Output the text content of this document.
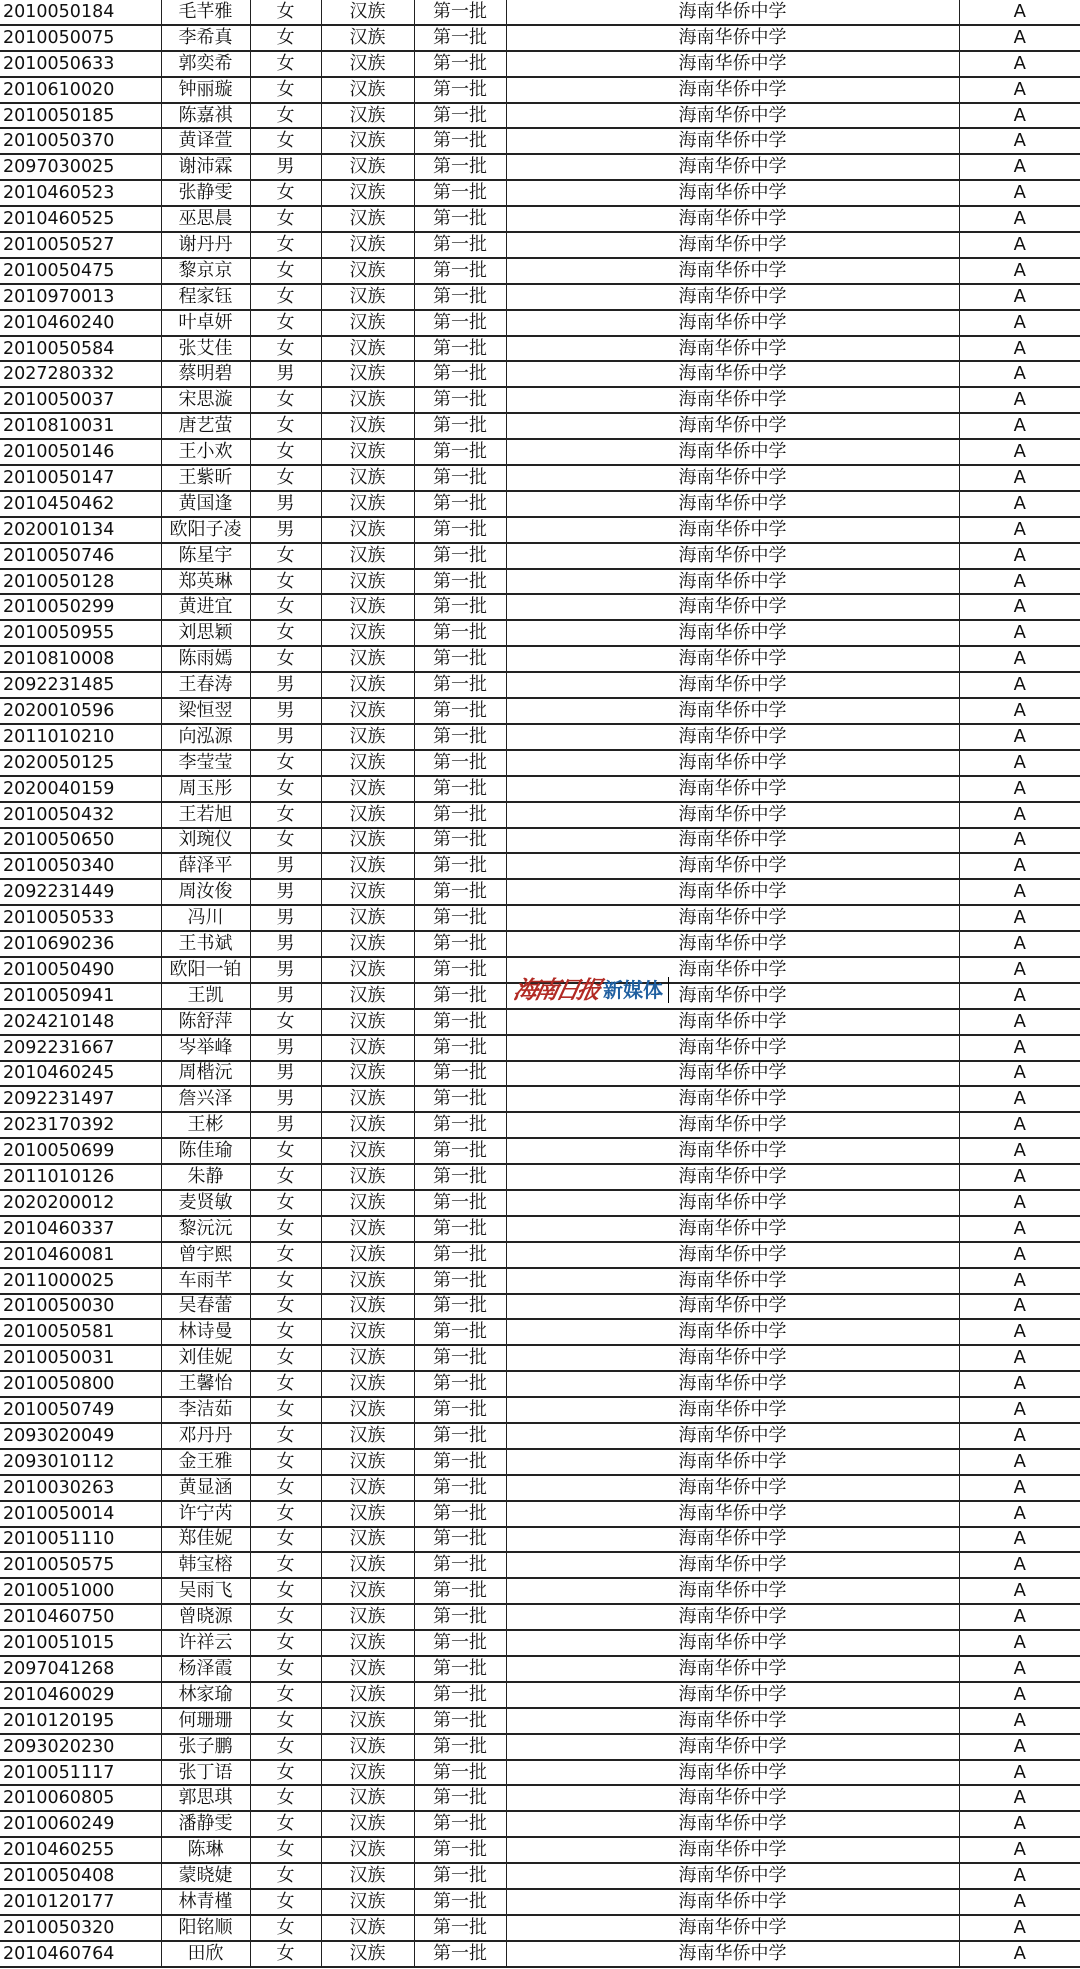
2010050184	毛芊雅	女	汉族	第一批	海南华侨中学	A
2010050075	李希真	女	汉族	第一批	海南华侨中学	A
2010050633	郭奕希	女	汉族	第一批	海南华侨中学	A
2010610020	钟丽璇	女	汉族	第一批	海南华侨中学	A
2010050185	陈嘉祺	女	汉族	第一批	海南华侨中学	A
2010050370	黄译萱	女	汉族	第一批	海南华侨中学	A
2097030025	谢沛霖	男	汉族	第一批	海南华侨中学	A
2010460523	张静雯	女	汉族	第一批	海南华侨中学	A
2010460525	巫思晨	女	汉族	第一批	海南华侨中学	A
2010050527	谢丹丹	女	汉族	第一批	海南华侨中学	A
2010050475	黎京京	女	汉族	第一批	海南华侨中学	A
2010970013	程家钰	女	汉族	第一批	海南华侨中学	A
2010460240	叶卓妍	女	汉族	第一批	海南华侨中学	A
2010050584	张艾佳	女	汉族	第一批	海南华侨中学	A
2027280332	蔡明碧	男	汉族	第一批	海南华侨中学	A
2010050037	宋思漩	女	汉族	第一批	海南华侨中学	A
2010810031	唐艺萤	女	汉族	第一批	海南华侨中学	A
2010050146	王小欢	女	汉族	第一批	海南华侨中学	A
2010050147	王紫昕	女	汉族	第一批	海南华侨中学	A
2010450462	黄国逢	男	汉族	第一批	海南华侨中学	A
2020010134	欧阳子凌	男	汉族	第一批	海南华侨中学	A
2010050746	陈星宇	女	汉族	第一批	海南华侨中学	A
2010050128	郑英琳	女	汉族	第一批	海南华侨中学	A
2010050299	黄进宜	女	汉族	第一批	海南华侨中学	A
2010050955	刘思颖	女	汉族	第一批	海南华侨中学	A
2010810008	陈雨嫣	女	汉族	第一批	海南华侨中学	A
2092231485	王春涛	男	汉族	第一批	海南华侨中学	A
2020010596	梁恒翌	男	汉族	第一批	海南华侨中学	A
2011010210	向泓源	男	汉族	第一批	海南华侨中学	A
2020050125	李莹莹	女	汉族	第一批	海南华侨中学	A
2020040159	周玉彤	女	汉族	第一批	海南华侨中学	A
2010050432	王若旭	女	汉族	第一批	海南华侨中学	A
2010050650	刘琬仪	女	汉族	第一批	海南华侨中学	A
2010050340	薛泽平	男	汉族	第一批	海南华侨中学	A
2092231449	周汝俊	男	汉族	第一批	海南华侨中学	A
2010050533	冯川	男	汉族	第一批	海南华侨中学	A
2010690236	王书斌	男	汉族	第一批	海南华侨中学	A
2010050490	欧阳一铂	男	汉族	第一批	海南华侨中学	A
2010050941	王凯	男	汉族	第一批	海南华侨中学	A
2024210148	陈舒萍	女	汉族	第一批	海南华侨中学	A
2092231667	岑举峰	男	汉族	第一批	海南华侨中学	A
2010460245	周楷沅	男	汉族	第一批	海南华侨中学	A
2092231497	詹兴泽	男	汉族	第一批	海南华侨中学	A
2023170392	王彬	男	汉族	第一批	海南华侨中学	A
2010050699	陈佳瑜	女	汉族	第一批	海南华侨中学	A
2011010126	朱静	女	汉族	第一批	海南华侨中学	A
2020200012	麦贤敏	女	汉族	第一批	海南华侨中学	A
2010460337	黎沅沅	女	汉族	第一批	海南华侨中学	A
2010460081	曾宇熙	女	汉族	第一批	海南华侨中学	A
2011000025	车雨芊	女	汉族	第一批	海南华侨中学	A
2010050030	吴春蕾	女	汉族	第一批	海南华侨中学	A
2010050581	林诗曼	女	汉族	第一批	海南华侨中学	A
2010050031	刘佳妮	女	汉族	第一批	海南华侨中学	A
2010050800	王馨怡	女	汉族	第一批	海南华侨中学	A
2010050749	李洁茹	女	汉族	第一批	海南华侨中学	A
2093020049	邓丹丹	女	汉族	第一批	海南华侨中学	A
2093010112	金王雅	女	汉族	第一批	海南华侨中学	A
2010030263	黄显涵	女	汉族	第一批	海南华侨中学	A
2010050014	许宁芮	女	汉族	第一批	海南华侨中学	A
2010051110	郑佳妮	女	汉族	第一批	海南华侨中学	A
2010050575	韩宝榕	女	汉族	第一批	海南华侨中学	A
2010051000	吴雨飞	女	汉族	第一批	海南华侨中学	A
2010460750	曾晓源	女	汉族	第一批	海南华侨中学	A
2010051015	许祥云	女	汉族	第一批	海南华侨中学	A
2097041268	杨泽霞	女	汉族	第一批	海南华侨中学	A
2010460029	林家瑜	女	汉族	第一批	海南华侨中学	A
2010120195	何珊珊	女	汉族	第一批	海南华侨中学	A
2093020230	张子鹏	女	汉族	第一批	海南华侨中学	A
2010051117	张丁语	女	汉族	第一批	海南华侨中学	A
2010060805	郭思琪	女	汉族	第一批	海南华侨中学	A
2010060249	潘静雯	女	汉族	第一批	海南华侨中学	A
2010460255	陈琳	女	汉族	第一批	海南华侨中学	A
2010050408	蒙晓婕	女	汉族	第一批	海南华侨中学	A
2010120177	林青槿	女	汉族	第一批	海南华侨中学	A
2010050320	阳铭顺	女	汉族	第一批	海南华侨中学	A
2010460764	田欣	女	汉族	第一批	海南华侨中学	A
海南日报 新媒体
